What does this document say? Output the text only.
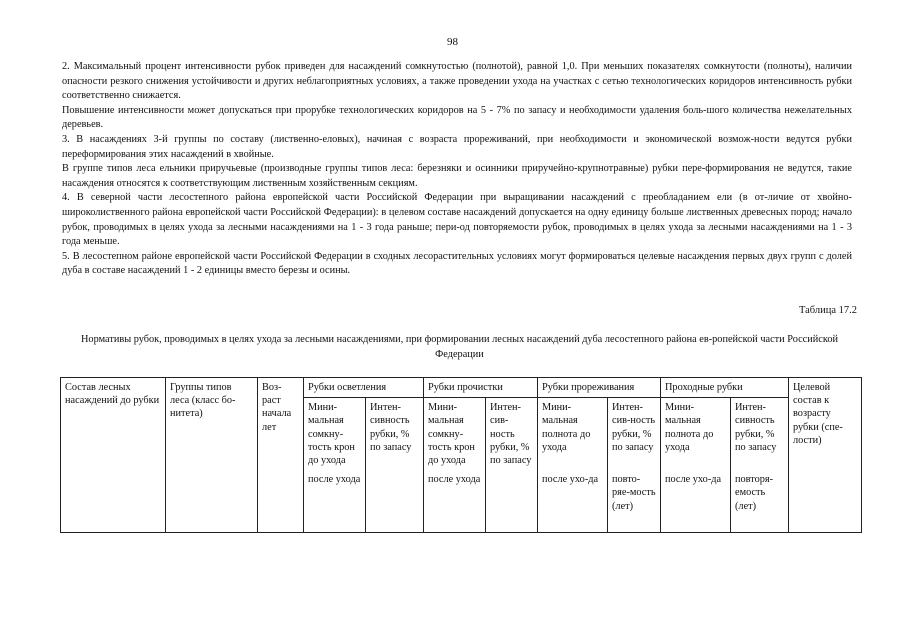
98

2. Максимальный процент интенсивности рубок приведен для насаждений сомкнутостью (полнотой), равной 1,0. При меньших показателях сомкнутости (полноты), наличии опасности резкого снижения устойчивости и других неблагоприятных условиях, а также проведении ухода на участках с сетью технологических коридоров интенсивность рубки соответственно снижается.

Повышение интенсивности может допускаться при прорубке технологических коридоров на 5 - 7% по запасу и необходимости удаления боль-шого количества нежелательных деревьев.

3. В насаждениях 3-й группы по составу (лиственно-еловых), начиная с возраста прореживаний, при необходимости и экономической возмож-ности ведутся рубки переформирования этих насаждений в хвойные.

В группе типов леса ельники приручьевые (производные группы типов леса: березняки и осинники приручейно-крупнотравные) рубки пере-формирования не ведутся, такие насаждения относятся к соответствующим лиственным хозяйственным секциям.

4. В северной части лесостепного района европейской части Российской Федерации при выращивании насаждений с преобладанием ели (в от-личие от хвойно-широколиственного района европейской части Российской Федерации): в целевом составе насаждений допускается на одну единицу больше лиственных древесных пород; начало рубок, проводимых в целях ухода за лесными насаждениями на 1 - 3 года раньше; пери-од повторяемости рубок, проводимых в целях ухода за лесными насаждениями на 1 - 3 года меньше.

5. В лесостепном районе европейской части Российской Федерации в сходных лесорастительных условиях могут формироваться целевые насаждения первых двух групп с долей дуба в составе насаждений 1 - 2 единицы вместо березы и осины.

Таблица 17.2
Нормативы рубок, проводимых в целях ухода за лесными насаждениями, при формировании лесных насаждений дуба лесостепного района ев-ропейской части Российской Федерации
Состав лесных насаждений до рубки	Группы типов леса (класс бо-нитета)	Воз-раст начала лет	Рубки осветления		Рубки прочистки		Рубки прореживания		Проходные рубки		Целевой состав к возрасту рубки (спе-лости)
			Мини-мальная сомкну-тость крон до ухода	Интен-сивность рубки, % по запасу	Мини-мальная сомкну-тость крон до ухода	Интен-сив-ность рубки, % по запасу	Мини-мальная полнота до ухода	Интен-сив-ность рубки, % по запасу	Мини-мальная полнота до ухода	Интен-сивность рубки, % по запасу	
			после ухода		после ухода		после ухо-да	повто-ряе-мость (лет)	после ухо-да	повторя-емость (лет)	
